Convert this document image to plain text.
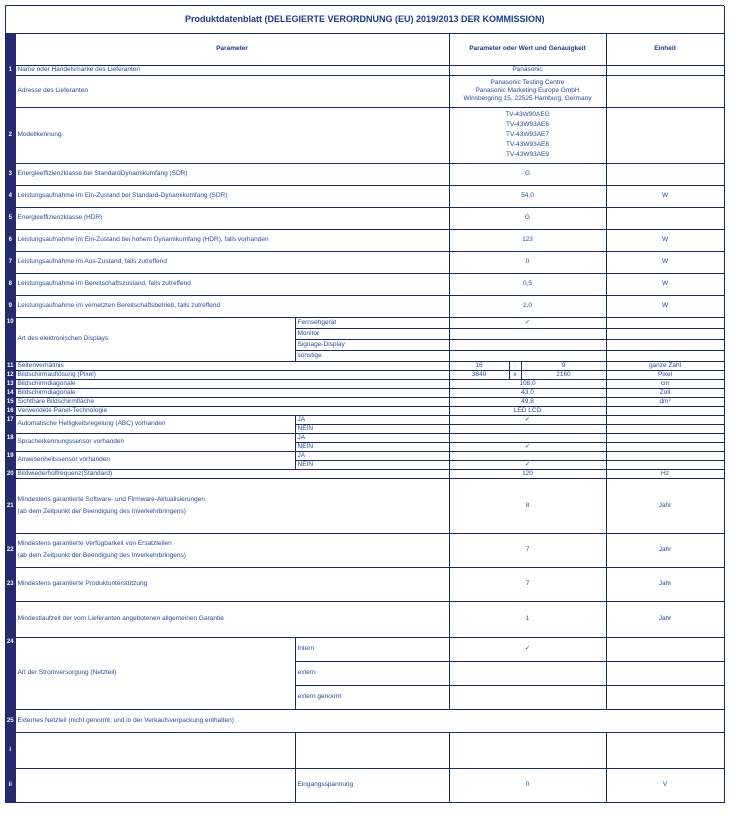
Produktdatenblatt (DELEGIERTE VERORDNUNG (EU) 2019/2013 DER KOMMISSION)						
	Parameter		Parameter oder Wert und Genauigkeit			Einheit
1	Name oder Handelsmarke des Lieferanten		Panasonic			
	Adresse des Lieferanten		Panasonic Testing Centre
Panasonic Marketing Europe GmbH
Winsbergring 15, 22525 Hamburg, Germany			

2	Modellkennung		TV-43W90AEG
TV-43W93AE6
TV-43W93AE7
TV-43W93AE8
TV-43W93AE9			

3	Energieeffizienzklasse bei StandardDynamikumfang (SDR)		G			
4	Leistungsaufnahme im Ein-Zustand bei Standard-Dynamikumfang (SDR)		54,0			W
5	Energieeffizienzklasse (HDR)		G			
6	Leistungsaufnahme im Ein-Zustand bei hohem Dynamikumfang (HDR), falls vorhanden		123			W
7	Leistungsaufnahme im Aus-Zustand, falls zutreffend		0			W
8	Leistungsaufnahme im Bereitschaftszustand, falls zutreffend		0,5			W
9	Leistungsaufnahme im vernetzten Bereitschaftsbetrieb, falls zutreffend		2,0			W
10	Art des elektronischen Displays	Fernsehgerät	✓			
		Monitor				
		Signage-Display				
		sonstige				
11	Seitenverhältnis		16	:	9	ganze Zahl
12	Bildschirmauflösung (Pixel)		3840	x	2160	Pixel
13	Bildschirmdiagonale		108,0			cm
14	Bildschirmdiagonale		43,0			Zoll
15	Sichtbare Bildschirmfläche		49,8			dm²
16	Verwendete Panel-Technologie		LED LCD			
17	Automatische Helligkeitsregelung (ABC) vorhanden	JA	✓			
		NEIN				
18	Spracherkennungssensor vorhanden	JA				
		NEIN	✓			
19	Anwesenheitssensor vorhanden	JA				
		NEIN	✓			
20	Bildwiederholfrequenz(Standard)		120			Hz
21	Mindestens garantierte Software- und Firmware-Aktualisierungen
(ab dem Zeitpunkt der Beendigung des Inverkehrbringens)		8			Jahr
22	Mindestens garantierte Verfügbarkeit von Ersatzteilen
(ab dem Zeitpunkt der Beendigung des Inverkehrbringens)		7			Jahr
23	Mindestens garantierte Produktunterstützung		7			Jahr
	Mindestlaufzeit der vom Lieferanten angebotenen allgemeinen Garantie		1			Jahr
24	Art der Stromversorgung (Netzteil)	Intern	✓			
		extern				
		extern genormt				
25	Externes Netzteil (nicht genormt, und in der Verkaufsverpackung enthalten)					
i						
ii		Eingangsspannung	0			V
